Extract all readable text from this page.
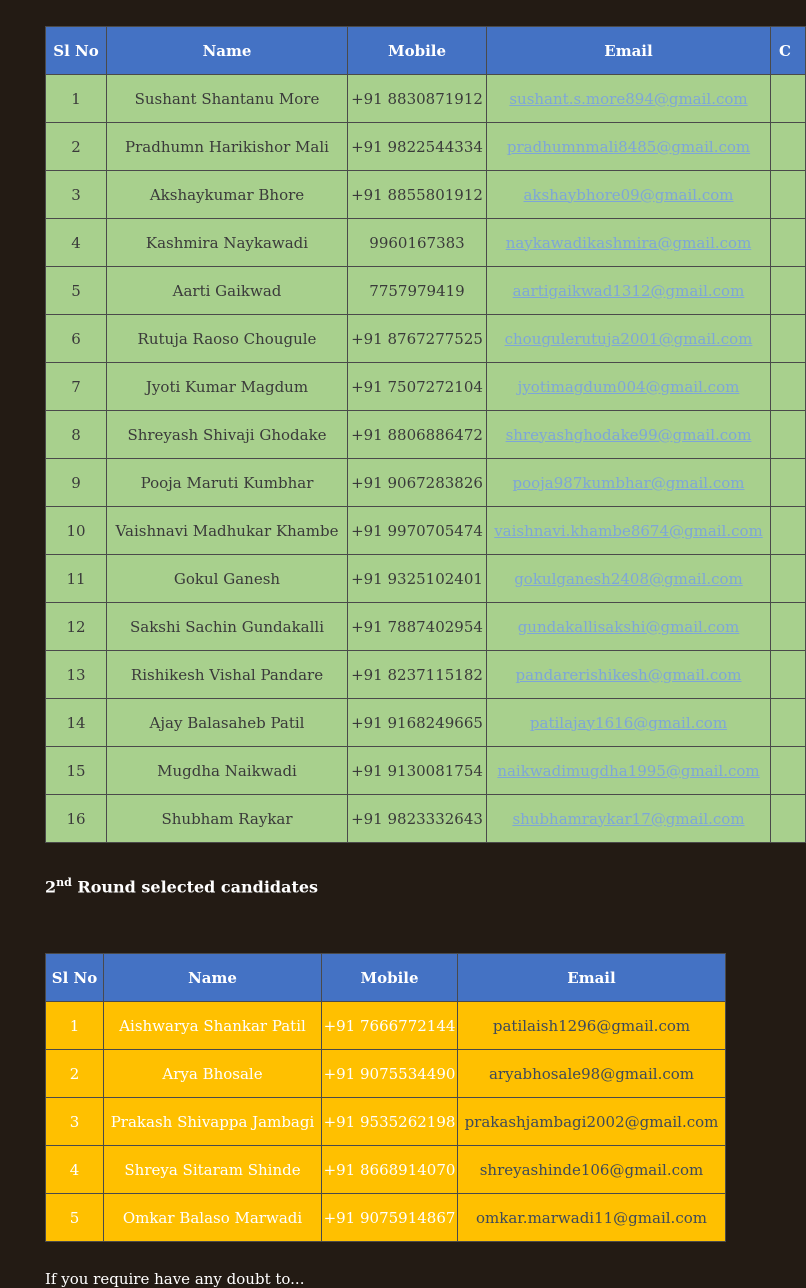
Sl No	Name	Mobile	Email	C
1	Sushant Shantanu More	+91 8830871912	sushant.s.more894@gmail.com	
2	Pradhumn Harikishor Mali	+91 9822544334	pradhumnmali8485@gmail.com	
3	Akshaykumar Bhore	+91 8855801912	akshaybhore09@gmail.com	
4	Kashmira Naykawadi	9960167383	naykawadikashmira@gmail.com	
5	Aarti Gaikwad	7757979419	aartigaikwad1312@gmail.com	
6	Rutuja Raoso Chougule	+91 8767277525	chougulerutuja2001@gmail.com	
7	Jyoti Kumar Magdum	+91 7507272104	jyotimagdum004@gmail.com	
8	Shreyash Shivaji Ghodake	+91 8806886472	shreyashghodake99@gmail.com	
9	Pooja Maruti Kumbhar	+91 9067283826	pooja987kumbhar@gmail.com	
10	Vaishnavi Madhukar Khambe	+91 9970705474	vaishnavi.khambe8674@gmail.com	
11	Gokul Ganesh	+91 9325102401	gokulganesh2408@gmail.com	
12	Sakshi Sachin Gundakalli	+91 7887402954	gundakallisakshi@gmail.com	
13	Rishikesh Vishal Pandare	+91 8237115182	pandarerishikesh@gmail.com	
14	Ajay Balasaheb Patil	+91 9168249665	patilajay1616@gmail.com	
15	Mugdha Naikwadi	+91 9130081754	naikwadimugdha1995@gmail.com	
16	Shubham Raykar	+91 9823332643	shubhamraykar17@gmail.com	
2nd Round selected candidates
Sl No	Name	Mobile	Email
1	Aishwarya Shankar Patil	+91 7666772144	patilaish1296@gmail.com
2	Arya Bhosale	+91 9075534490	aryabhosale98@gmail.com
3	Prakash Shivappa Jambagi	+91 9535262198	prakashjambagi2002@gmail.com
4	Shreya Sitaram Shinde	+91 8668914070	shreyashinde106@gmail.com
5	Omkar Balaso Marwadi	+91 9075914867	omkar.marwadi11@gmail.com
If you require have any doubt to...
